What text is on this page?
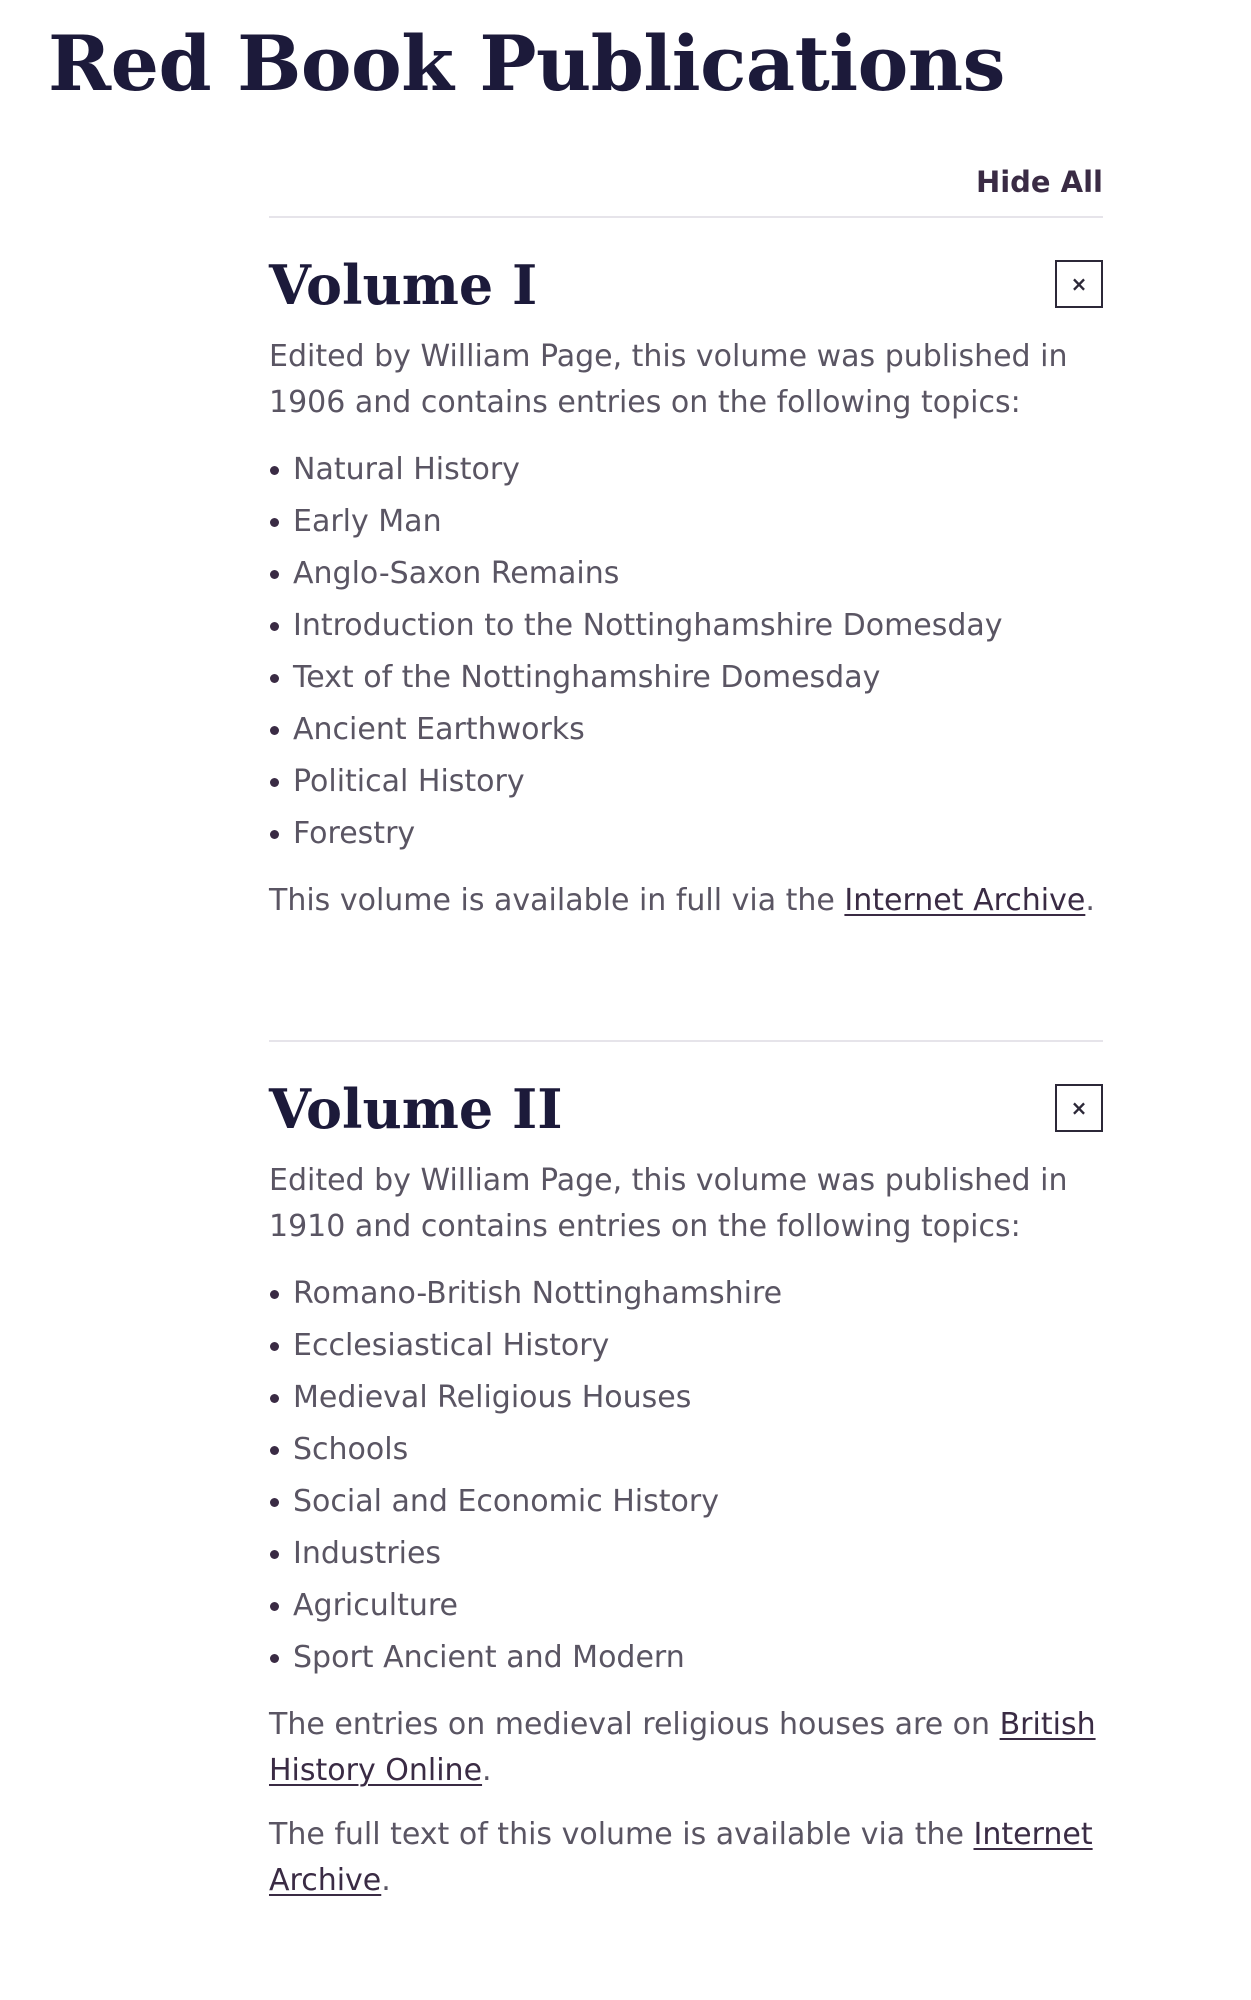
Red Book Publications
Hide All
Volume I	×

Edited by William Page, this volume was published in 1906 and contains entries on the following topics:

Natural History
Early Man
Anglo-Saxon Remains
Introduction to the Nottinghamshire Domesday
Text of the Nottinghamshire Domesday
Ancient Earthworks
Political History
Forestry

This volume is available in full via the Internet Archive.

Volume II	×

Edited by William Page, this volume was published in 1910 and contains entries on the following topics:

Romano-British Nottinghamshire
Ecclesiastical History
Medieval Religious Houses
Schools
Social and Economic History
Industries
Agriculture
Sport Ancient and Modern

The entries on medieval religious houses are on British History Online.

The full text of this volume is available via the Internet Archive.
